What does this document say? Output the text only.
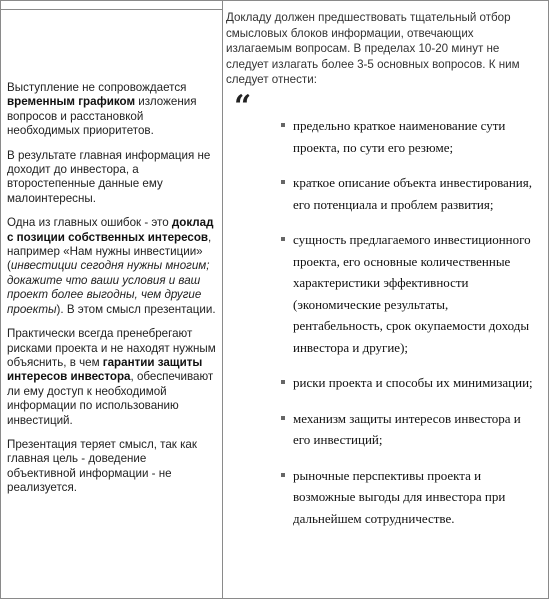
Выступление не сопровождается временным графиком изложения вопросов и расстановкой необходимых приоритетов.

В результате главная информация не доходит до инвестора, а второстепенные данные ему малоинтересны.

Одна из главных ошибок - это доклад с позиции собственных интересов, например «Нам нужны инвестиции» (инвестиции сегодня нужны многим; докажите что ваши условия и ваш проект более выгодны, чем другие проекты). В этом смысл презентации.

Практически всегда пренебрегают рисками проекта и не находят нужным объяснить, в чем гарантии защиты интересов инвестора, обеспечивают ли ему доступ к необходимой информации по использованию инвестиций.

Презентация теряет смысл, так как главная цель - доведение объективной информации - не реализуется.

Докладу должен предшествовать тщательный отбор смысловых блоков информации, отвечающих излагаемым вопросам. В пределах 10-20 минут не следует излагать более 3-5 основных вопросов. К ним следует отнести:
“
предельно краткое наименование сути проекта, по сути его резюме;
краткое описание объекта инвестирования, его потенциала и проблем развития;
сущность предлагаемого инвестиционного проекта, его основные количественные характеристики эффективности (экономические результаты, рентабельность, срок окупаемости доходы инвестора и другие);
риски проекта и способы их минимизации;
механизм защиты интересов инвестора и его инвестиций;
рыночные перспективы проекта и возможные выгоды для инвестора при дальнейшем сотрудничестве.
